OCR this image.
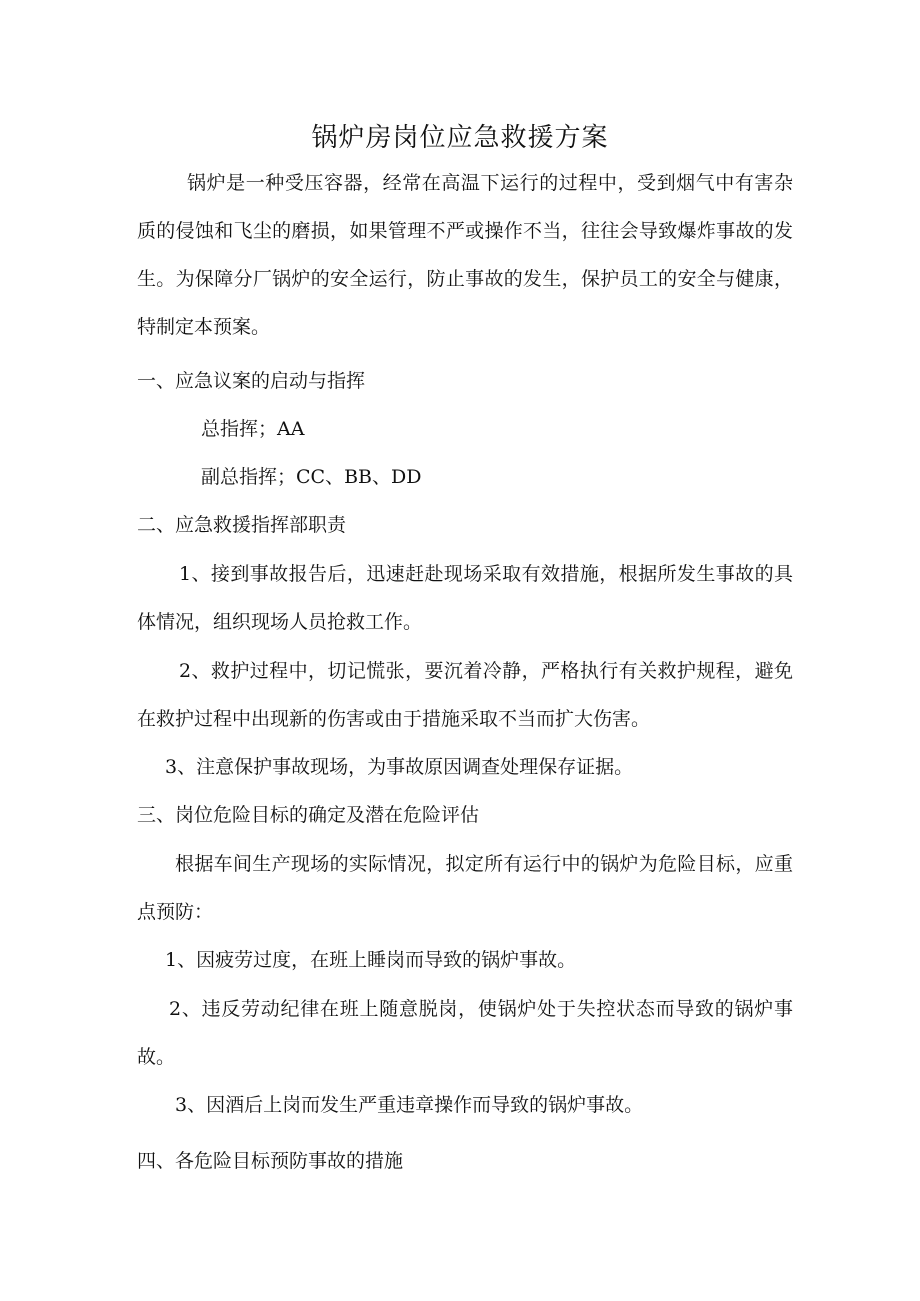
锅炉房岗位应急救援方案
锅炉是一种受压容器，经常在高温下运行的过程中，受到烟气中有害杂质的侵蚀和飞尘的磨损，如果管理不严或操作不当，往往会导致爆炸事故的发生。为保障分厂锅炉的安全运行，防止事故的发生，保护员工的安全与健康，特制定本预案。
一、应急议案的启动与指挥
总指挥；AA
副总指挥；CC、BB、DD
二、应急救援指挥部职责
1、接到事故报告后，迅速赶赴现场采取有效措施，根据所发生事故的具体情况，组织现场人员抢救工作。
2、救护过程中，切记慌张，要沉着冷静，严格执行有关救护规程，避免在救护过程中出现新的伤害或由于措施采取不当而扩大伤害。
3、注意保护事故现场，为事故原因调查处理保存证据。
三、岗位危险目标的确定及潜在危险评估
根据车间生产现场的实际情况，拟定所有运行中的锅炉为危险目标，应重点预防：
1、因疲劳过度，在班上睡岗而导致的锅炉事故。
2、违反劳动纪律在班上随意脱岗，使锅炉处于失控状态而导致的锅炉事故。
3、因酒后上岗而发生严重违章操作而导致的锅炉事故。
四、各危险目标预防事故的措施
